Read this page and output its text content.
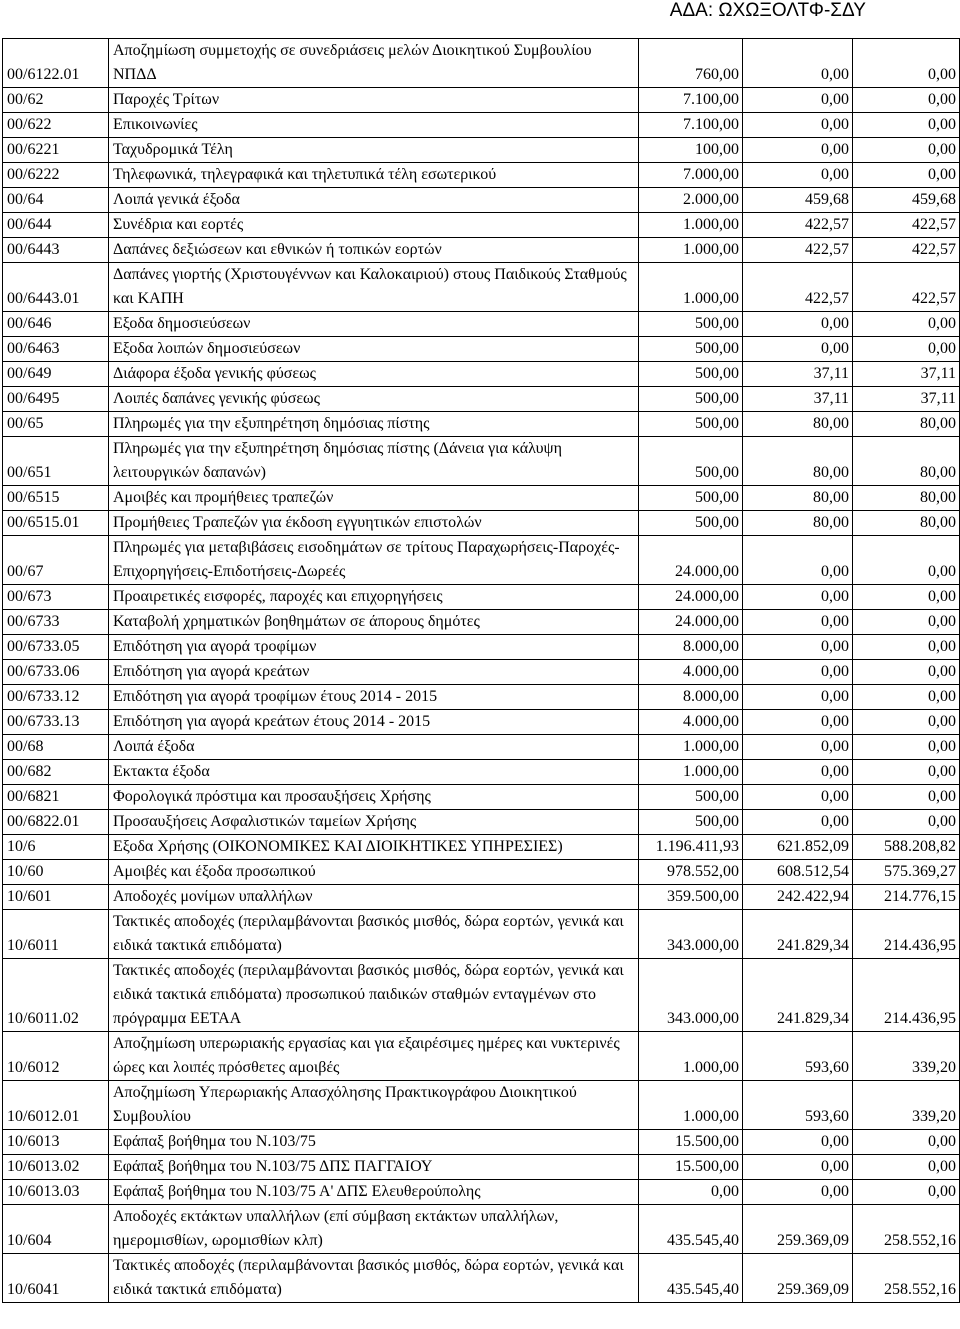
ΑΔΑ: ΩΧΩΞΟΛΤΦ-ΣΔΥ
00/6122.01	Αποζημίωση συμμετοχής σε συνεδριάσεις μελών Διοικητικού Συμβουλίου ΝΠΔΔ	760,00	0,00	0,00
00/62	Παροχές Τρίτων	7.100,00	0,00	0,00
00/622	Επικοινωνίες	7.100,00	0,00	0,00
00/6221	Ταχυδρομικά Τέλη	100,00	0,00	0,00
00/6222	Τηλεφωνικά, τηλεγραφικά και τηλετυπικά τέλη εσωτερικού	7.000,00	0,00	0,00
00/64	Λοιπά γενικά έξοδα	2.000,00	459,68	459,68
00/644	Συνέδρια και εορτές	1.000,00	422,57	422,57
00/6443	Δαπάνες δεξιώσεων και εθνικών ή τοπικών εορτών	1.000,00	422,57	422,57
00/6443.01	Δαπάνες γιορτής (Χριστουγέννων και Καλοκαιριού) στους Παιδικούς Σταθμούς και ΚΑΠΗ	1.000,00	422,57	422,57
00/646	Εξοδα δημοσιεύσεων	500,00	0,00	0,00
00/6463	Εξοδα λοιπών δημοσιεύσεων	500,00	0,00	0,00
00/649	Διάφορα έξοδα γενικής φύσεως	500,00	37,11	37,11
00/6495	Λοιπές δαπάνες γενικής φύσεως	500,00	37,11	37,11
00/65	Πληρωμές για την εξυπηρέτηση δημόσιας πίστης	500,00	80,00	80,00
00/651	Πληρωμές για την εξυπηρέτηση δημόσιας πίστης (Δάνεια για κάλυψη λειτουργικών δαπανών)	500,00	80,00	80,00
00/6515	Αμοιβές και προμήθειες τραπεζών	500,00	80,00	80,00
00/6515.01	Προμήθειες Τραπεζών για έκδοση εγγυητικών επιστολών	500,00	80,00	80,00
00/67	Πληρωμές για μεταβιβάσεις εισοδημάτων σε τρίτους Παραχωρήσεις-Παροχές-Επιχορηγήσεις-Επιδοτήσεις-Δωρεές	24.000,00	0,00	0,00
00/673	Προαιρετικές εισφορές, παροχές και επιχορηγήσεις	24.000,00	0,00	0,00
00/6733	Καταβολή χρηματικών βοηθημάτων σε άπορους δημότες	24.000,00	0,00	0,00
00/6733.05	Επιδότηση για αγορά τροφίμων	8.000,00	0,00	0,00
00/6733.06	Επιδότηση για αγορά κρεάτων	4.000,00	0,00	0,00
00/6733.12	Επιδότηση για αγορά τροφίμων έτους 2014 - 2015	8.000,00	0,00	0,00
00/6733.13	Επιδότηση για αγορά κρεάτων έτους 2014 - 2015	4.000,00	0,00	0,00
00/68	Λοιπά έξοδα	1.000,00	0,00	0,00
00/682	Εκτακτα έξοδα	1.000,00	0,00	0,00
00/6821	Φορολογικά πρόστιμα και προσαυξήσεις Χρήσης	500,00	0,00	0,00
00/6822.01	Προσαυξήσεις Ασφαλιστικών ταμείων Χρήσης	500,00	0,00	0,00
10/6	Εξοδα Χρήσης (ΟΙΚΟΝΟΜΙΚΕΣ ΚΑΙ ΔΙΟΙΚΗΤΙΚΕΣ ΥΠΗΡΕΣΙΕΣ)	1.196.411,93	621.852,09	588.208,82
10/60	Αμοιβές και έξοδα προσωπικού	978.552,00	608.512,54	575.369,27
10/601	Αποδοχές μονίμων υπαλλήλων	359.500,00	242.422,94	214.776,15
10/6011	Τακτικές αποδοχές (περιλαμβάνονται βασικός μισθός, δώρα εορτών, γενικά και ειδικά τακτικά επιδόματα)	343.000,00	241.829,34	214.436,95
10/6011.02	Τακτικές αποδοχές (περιλαμβάνονται βασικός μισθός, δώρα εορτών, γενικά και ειδικά τακτικά επιδόματα) προσωπικού παιδικών σταθμών ενταγμένων στο πρόγραμμα ΕΕΤΑΑ	343.000,00	241.829,34	214.436,95
10/6012	Αποζημίωση υπερωριακής εργασίας και για εξαιρέσιμες ημέρες και νυκτερινές ώρες και λοιπές πρόσθετες αμοιβές	1.000,00	593,60	339,20
10/6012.01	Αποζημίωση Υπερωριακής Απασχόλησης Πρακτικογράφου Διοικητικού Συμβουλίου	1.000,00	593,60	339,20
10/6013	Εφάπαξ βοήθημα του Ν.103/75	15.500,00	0,00	0,00
10/6013.02	Εφάπαξ βοήθημα του Ν.103/75 ΔΠΣ ΠΑΓΓΑΙΟΥ	15.500,00	0,00	0,00
10/6013.03	Εφάπαξ βοήθημα του Ν.103/75 Α' ΔΠΣ Ελευθερούπολης	0,00	0,00	0,00
10/604	Αποδοχές εκτάκτων υπαλλήλων (επί σύμβαση εκτάκτων υπαλλήλων, ημερομισθίων, ωρομισθίων κλπ)	435.545,40	259.369,09	258.552,16
10/6041	Τακτικές αποδοχές (περιλαμβάνονται βασικός μισθός, δώρα εορτών, γενικά και ειδικά τακτικά επιδόματα)	435.545,40	259.369,09	258.552,16
